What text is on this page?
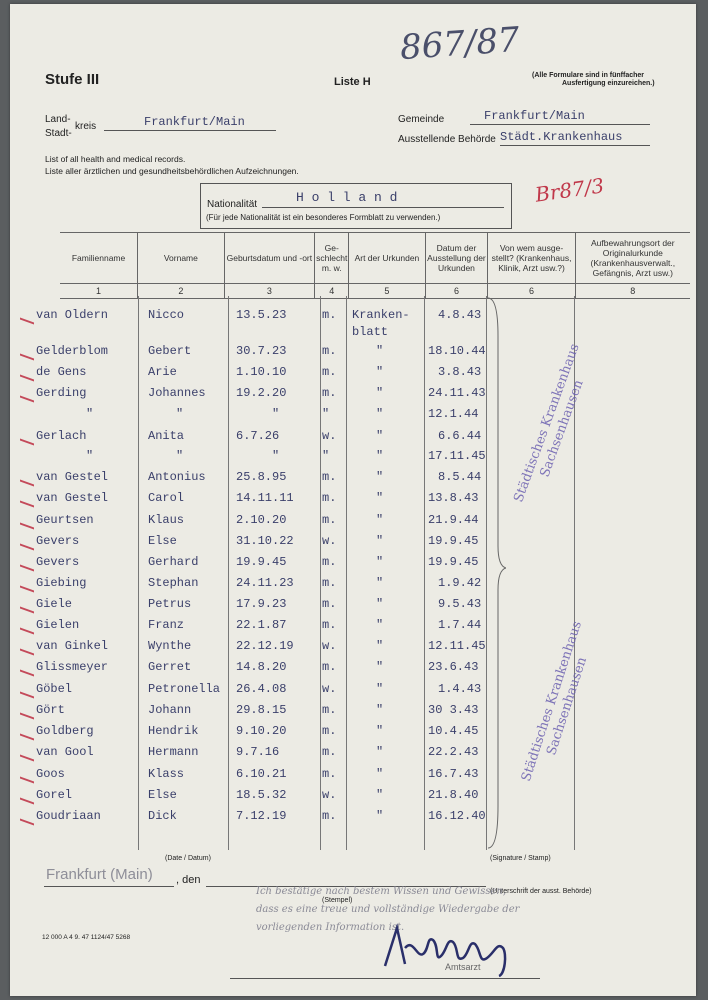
867/87
Stufe III	Liste H
(Alle Formulare sind in fünffacher
Ausfertigung einzureichen.)
Land-
kreis
Stadt-
Frankfurt/Main	Gemeinde	Frankfurt/Main
Ausstellende Behörde Städt.Krankenhaus
List of all health and medical records.
Liste aller ärztlichen und gesundheitsbehördlichen Aufzeichnungen.
Nationalität	H o l l a n d
(Für jede Nationalität ist ein besonderes Formblatt zu verwenden.)
Br87/3
Familienname	Vorname	Geburtsdatum und -ort	Ge-schlecht m. w.	Art der Urkunden	Datum der Ausstellung der Urkunden	Von wem ausge-stellt? (Krankenhaus, Klinik, Arzt usw.?)	Aufbewahrungsort der Originalurkunde (Krankenhausverwalt., Gefängnis, Arzt usw.)
1	2	3	4	5	6	6	8
van Oldern	Nicco	13.5.23	m. Kranken- 4.8.43
blatt
Gelderblom	Gebert	30.7.23	m.	"	18.10.44
de Gens	Arie	1.10.10	m.	"	3.8.43
Gerding	Johannes	19.2.20	m.	"	24.11.43
"	"	"	"	"	12.1.44
Gerlach	Anita	6.7.26	w.	"	6.6.44
"	"	"	"	"	17.11.45
van Gestel	Antonius	25.8.95	m.	"	8.5.44
van Gestel	Carol	14.11.11 m.	"	13.8.43
Geurtsen	Klaus	2.10.20	m.	"	21.9.44
Gevers	Else	31.10.22 w.	"	19.9.45
Gevers	Gerhard	19.9.45	m.	"	19.9.45
Giebing	Stephan	24.11.23 m.	"	1.9.42
Giele	Petrus	17.9.23	m.	"	9.5.43
Gielen	Franz	22.1.87	m.	"	1.7.44
van Ginkel	Wynthe	22.12.19 w.	"	12.11.45
Glissmeyer	Gerret	14.8.20	m.	"	23.6.43
Göbel	Petronella 26.4.08	w.	"	1.4.43
Gört	Johann	29.8.15	m.	"	30 3.43
Goldberg	Hendrik	9.10.20	m.	"	10.4.45
van Gool	Hermann	9.7.16	m.	"	22.2.43
Goos	Klass	6.10.21	m.	"	16.7.43
Gorel	Else	18.5.32	w.	"	21.8.40
Goudriaan	Dick	7.12.19	m.	"	16.12.40
Städtisches Krankenhaus Sachsenhausen
Städtisches Krankenhaus Sachsenhausen
(Date / Datum)	(Signature / Stamp)
Frankfurt (Main) , den
(Unterschrift der ausst. Behörde)
(Stempel)
Ich bestätige nach bestem Wissen und Gewissen,
dass es eine treue und vollständige Wiedergabe der
vorliegenden Information ist.
Amtsarzt
12 000 A 4 9. 47 1124/47 5268
